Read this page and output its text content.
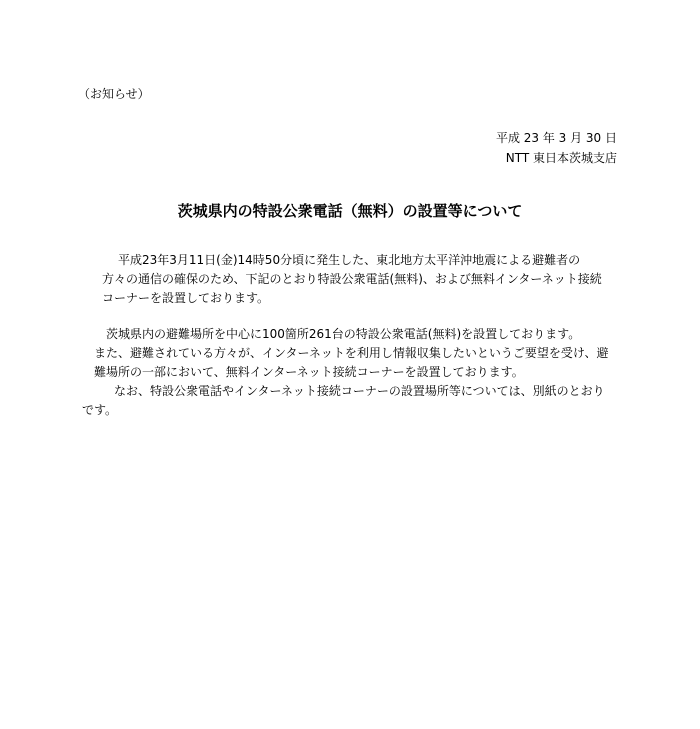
（お知らせ）
平成 23 年 3 月 30 日
NTT 東日本茨城支店
茨城県内の特設公衆電話（無料）の設置等について

平成23年3月11日(金)14時50分頃に発生した、東北地方太平洋沖地震による避難者の

方々の通信の確保のため、下記のとおり特設公衆電話(無料)、および無料インターネット接続

コーナーを設置しております。

茨城県内の避難場所を中心に100箇所261台の特設公衆電話(無料)を設置しております。

また、避難されている方々が、インターネットを利用し情報収集したいというご要望を受け、避

難場所の一部において、無料インターネット接続コーナーを設置しております。

なお、特設公衆電話やインターネット接続コーナーの設置場所等については、別紙のとおり

です。
